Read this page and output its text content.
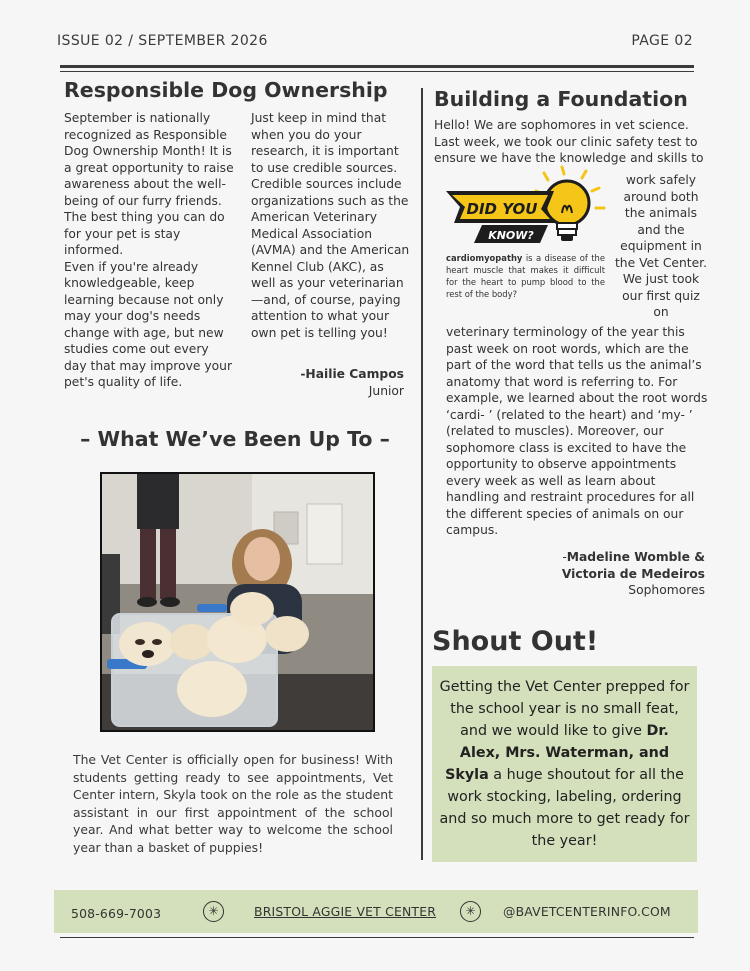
ISSUE 02 / SEPTEMBER 2026	PAGE 02
Responsible Dog Ownership
September is nationally recognized as Responsible Dog Ownership Month! It is a great opportunity to raise awareness about the well-being of our furry friends. The best thing you can do for your pet is stay informed.
Even if you're already knowledgeable, keep learning because not only may your dog's needs change with age, but new studies come out every day that may improve your pet's quality of life.
Just keep in mind that when you do your research, it is important to use credible sources. Credible sources include organizations such as the American Veterinary Medical Association (AVMA) and the American Kennel Club (AKC), as well as your veterinarian—and, of course, paying attention to what your own pet is telling you!
-Hailie Campos
Junior
– What We’ve Been Up To –
The Vet Center is officially open for business! With students getting ready to see appointments, Vet Center intern, Skyla took on the role as the student assistant in our first appointment of the school year. And what better way to welcome the school year than a basket of puppies!
Building a Foundation
Hello! We are sophomores in vet science. Last week, we took our clinic safety test to ensure we have the knowledge and skills to
DID YOU
KNOW?
cardiomyopathy is a disease of the heart muscle that makes it difficult for the heart to pump blood to the rest of the body?
work safely around both the animals and the equipment in the Vet Center. We just took our first quiz on
veterinary terminology of the year this past week on root words, which are the part of the word that tells us the animal’s anatomy that word is referring to. For example, we learned about the root words ‘cardi- ’ (related to the heart) and ‘my- ’ (related to muscles). Moreover, our sophomore class is excited to have the opportunity to observe appointments every week as well as learn about handling and restraint procedures for all the different species of animals on our campus.
-Madeline Womble &
Victoria de Medeiros
Sophomores
Shout Out!
Getting the Vet Center prepped for the school year is no small feat, and we would like to give Dr. Alex, Mrs. Waterman, and Skyla a huge shoutout for all the work stocking, labeling, ordering and so much more to get ready for the year!
508-669-7003	✳	BRISTOL AGGIE VET CENTER	✳	@BAVETCENTERINFO.COM
